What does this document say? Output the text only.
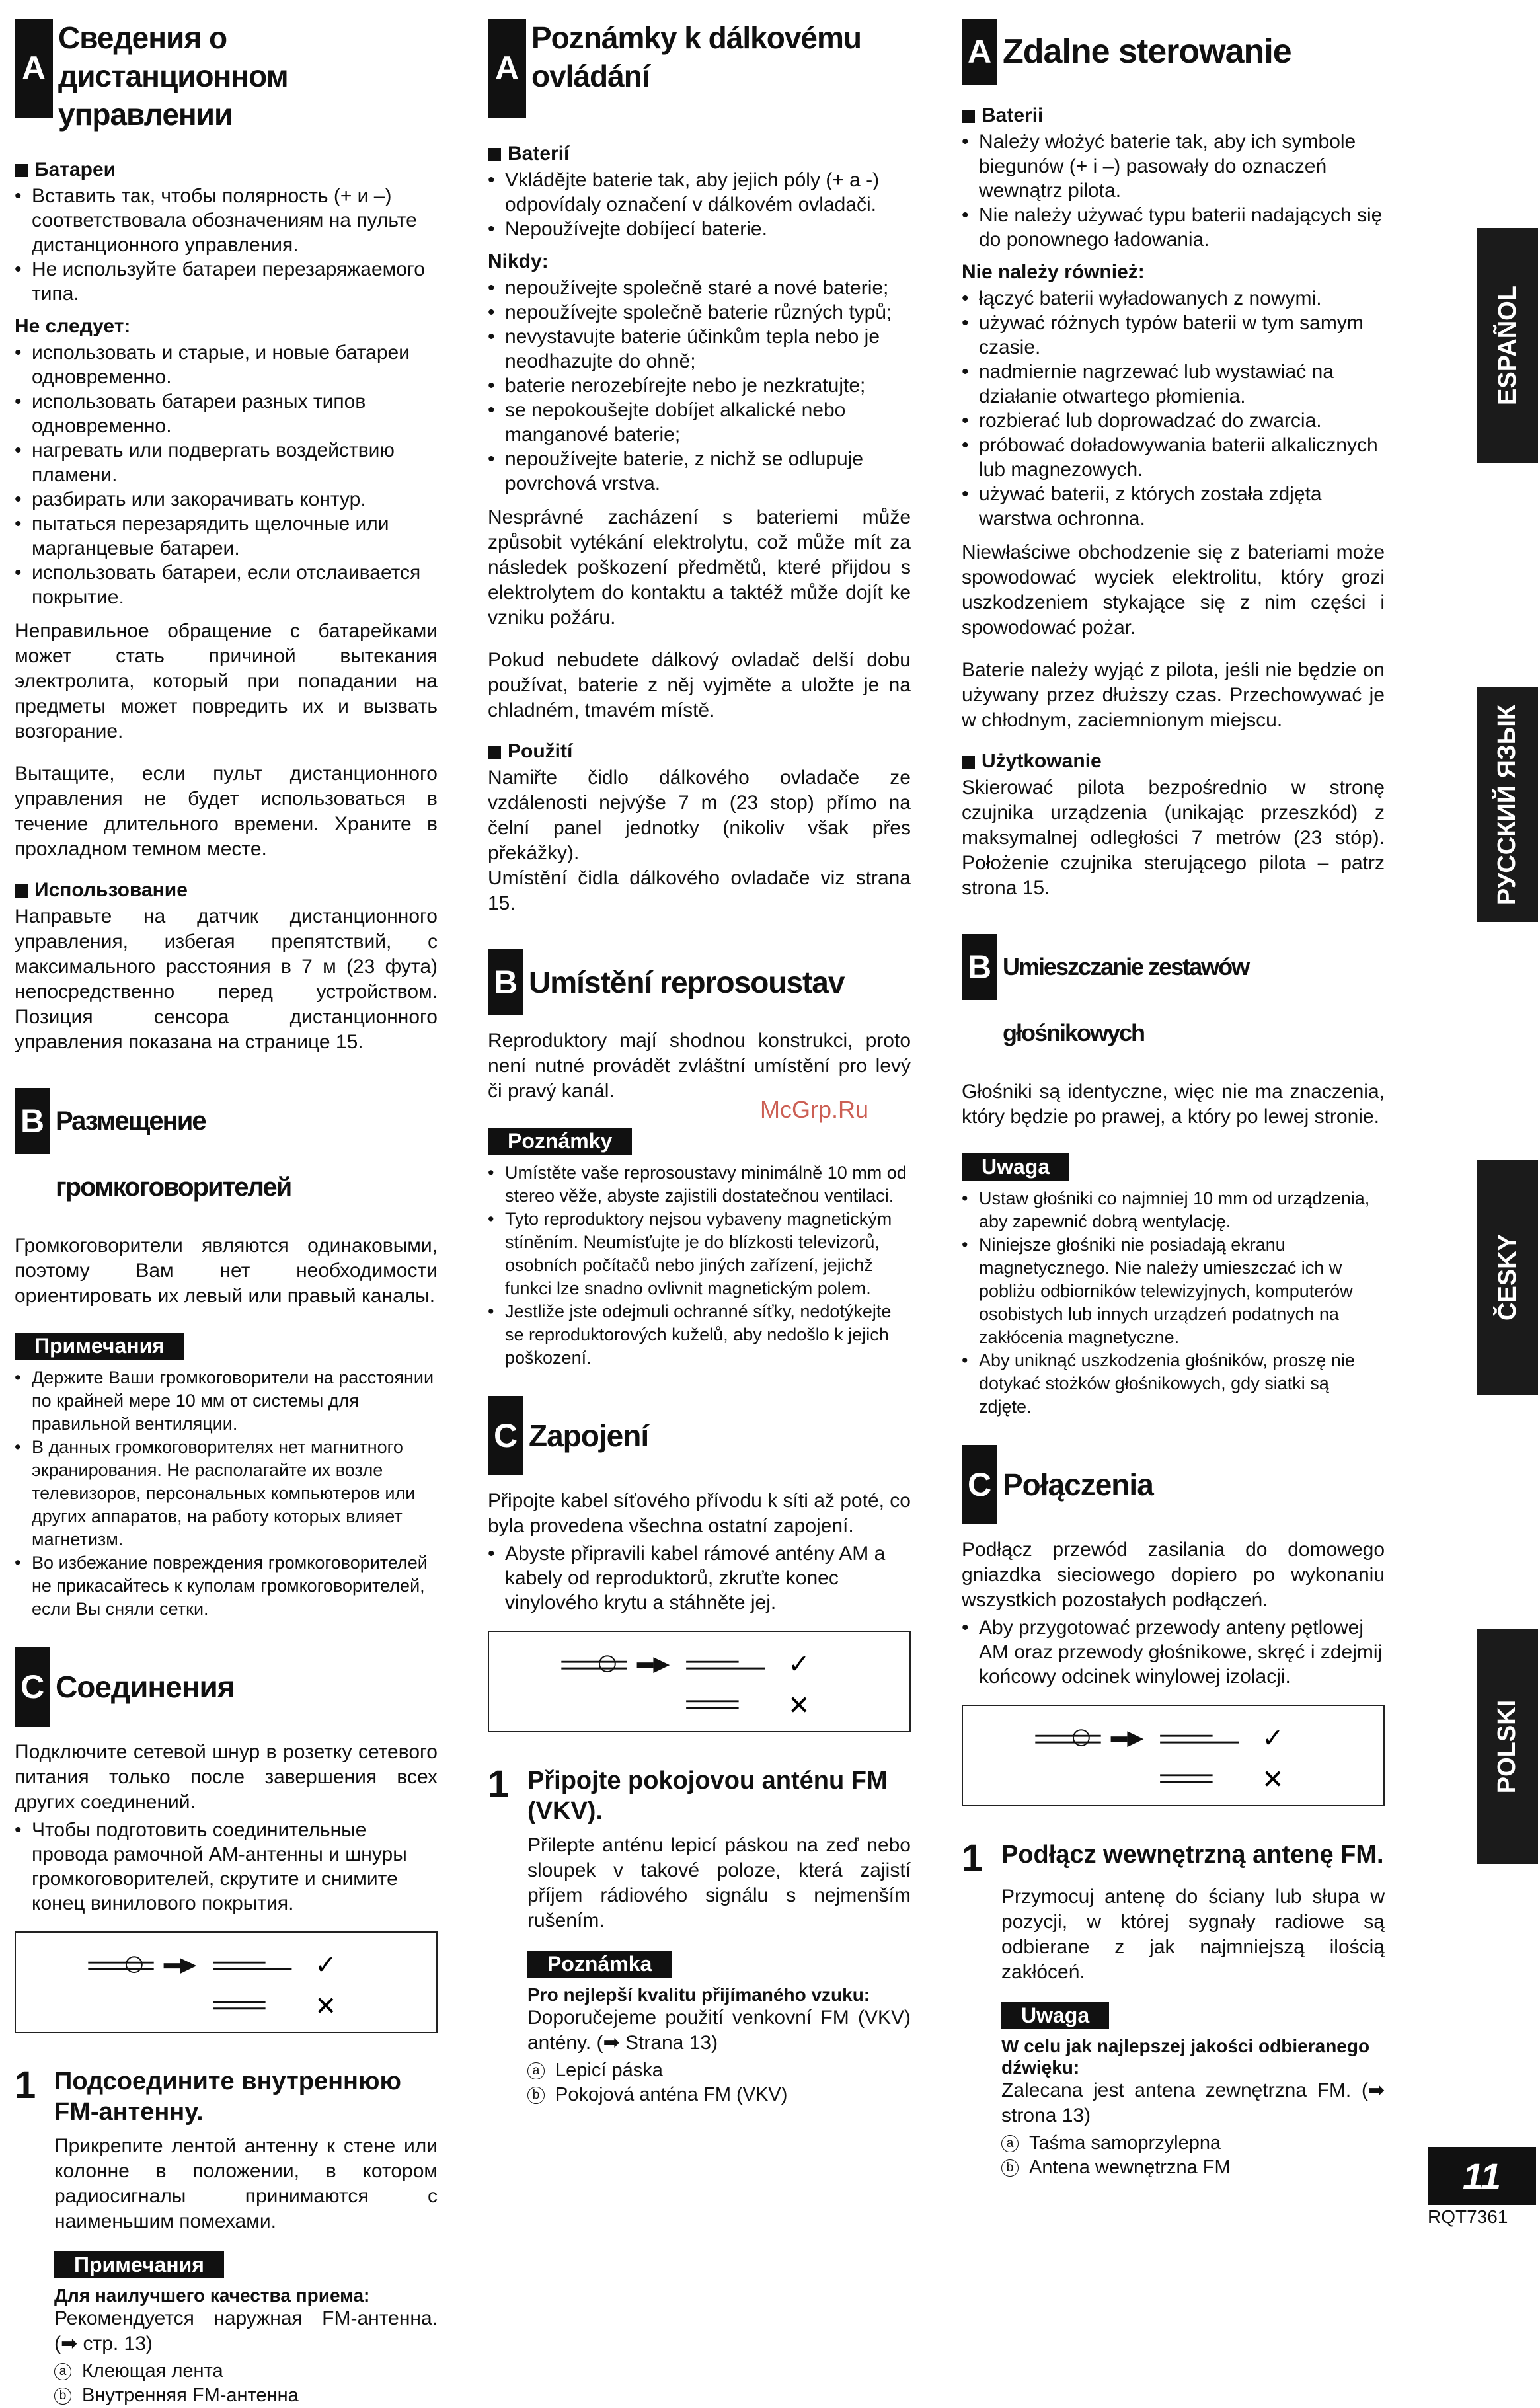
A
Сведения о дистанционном управлении
Батареи
• Вставить так, чтобы полярность (+ и –) соответствовала обозначениям на пульте дистанционного управления.
• Не используйте батареи перезаряжаемого типа.
Не следует:
• использовать и старые, и новые батареи одновременно.
• использовать батареи разных типов одновременно.
• нагревать или подвергать воздействию пламени.
• разбирать или закорачивать контур.
• пытаться перезарядить щелочные или марганцевые батареи.
• использовать батареи, если отслаивается покрытие.

Неправильное обращение с батарейками может стать причиной вытекания электролита, который при попадании на предметы может повредить их и вызвать возгорание.

Вытащите, если пульт дистанционного управления не будет использоваться в течение длительного времени. Храните в прохладном темном месте.

Использование

Направьте на датчик дистанционного управления, избегая препятствий, с максимального расстояния в 7 м (23 фута) непосредственно перед устройством. Позиция сенсора дистанционного управления показана на странице 15.

B Размещение громкоговорителей

Громкоговорители являются одинаковыми, поэтому Вам нет необходимости ориентировать их левый или правый каналы.

Примечания
• Держите Ваши громкоговорители на расстоянии по крайней мере 10 мм от системы для правильной вентиляции.
• В данных громкоговорителях нет магнитного экранирования. Не располагайте их возле телевизоров, персональных компьютеров или других аппаратов, на работу которых влияет магнетизм.
• Во избежание повреждения громкоговорителей не прикасайтесь к куполам громкоговорителей, если Вы сняли сетки.
C Соединения

Подключите сетевой шнур в розетку сетевого питания только после завершения всех других соединений.

• Чтобы подготовить соединительные провода рамочной AM-антенны и шнуры громкоговорителей, скрутите и снимите конец винилового покрытия.
✓
✕
1 Подсоедините внутреннюю FM-антенну.

Прикрепите лентой антенну к стене или колонне в положении, в котором радиосигналы принимаются с наименьшим помехами.

Примечания
Для наилучшего качества приема:

Рекомендуется наружная FM-антенна. (➡ стр. 13)

a Клеющая лента
b Внутренняя FM-антенна
A
Poznámky k dálkovému ovládání
Baterií
• Vkládějte baterie tak, aby jejich póly (+ a -) odpovídaly označení v dálkovém ovladači.
• Nepoužívejte dobíjecí baterie.
Nikdy:
• nepoužívejte společně staré a nové baterie;
• nepoužívejte společně baterie různých typů;
• nevystavujte baterie účinkům tepla nebo je neodhazujte do ohně;
• baterie nerozebírejte nebo je nezkratujte;
• se nepokoušejte dobíjet alkalické nebo manganové baterie;
• nepoužívejte baterie, z nichž se odlupuje povrchová vrstva.

Nesprávné zacházení s bateriemi může způsobit vytékání elektrolytu, což může mít za následek poškození předmětů, které přijdou s elektrolytem do kontaktu a taktéž může dojít ke vzniku požáru.

Pokud nebudete dálkový ovladač delší dobu používat, baterie z něj vyjměte a uložte je na chladném, tmavém místě.

Použití

Namiřte čidlo dálkového ovladače ze vzdálenosti nejvýše 7 m (23 stop) přímo na čelní panel jednotky (nikoliv však přes překážky).

Umístění čidla dálkového ovladače viz strana 15.

B Umístění reprosoustav

Reproduktory mají shodnou konstrukci, proto není nutné provádět zvláštní umístění pro levý či pravý kanál.

Poznámky
• Umístěte vaše reprosoustavy minimálně 10 mm od stereo věže, abyste zajistili dostatečnou ventilaci.
• Tyto reproduktory nejsou vybaveny magnetickým stíněním. Neumísťujte je do blízkosti televizorů, osobních počítačů nebo jiných zařízení, jejichž funkci lze snadno ovlivnit magnetickým polem.
• Jestliže jste odejmuli ochranné síťky, nedotýkejte se reproduktorových kuželů, aby nedošlo k jejich poškození.
C Zapojení

Připojte kabel síťového přívodu k síti až poté, co byla provedena všechna ostatní zapojení.

• Abyste připravili kabel rámové antény AM a kabely od reproduktorů, zkruťte konec vinylového krytu a stáhněte jej.
✓
✕
1 Připojte pokojovou anténu FM (VKV).

Přilepte anténu lepicí páskou na zeď nebo sloupek v takové poloze, která zajistí příjem rádiového signálu s nejmenším rušením.

Poznámka
Pro nejlepší kvalitu přijímaného vzuku:

Doporučejeme použití venkovní FM (VKV) antény. (➡ Strana 13)

a Lepicí páska
b Pokojová anténa FM (VKV)
A Zdalne sterowanie
Baterii
• Należy włożyć baterie tak, aby ich symbole biegunów (+ i –) pasowały do oznaczeń wewnątrz pilota.
• Nie należy używać typu baterii nadających się do ponownego ładowania.
Nie należy również:
• łączyć baterii wyładowanych z nowymi.
• używać różnych typów baterii w tym samym czasie.
• nadmiernie nagrzewać lub wystawiać na działanie otwartego płomienia.
• rozbierać lub doprowadzać do zwarcia.
• próbować doładowywania baterii alkalicznych lub magnezowych.
• używać baterii, z których została zdjęta warstwa ochronna.

Niewłaściwe obchodzenie się z bateriami może spowodować wyciek elektrolitu, który grozi uszkodzeniem stykające się z nim części i spowodować pożar.

Baterie należy wyjąć z pilota, jeśli nie będzie on używany przez dłuższy czas. Przechowywać je w chłodnym, zaciemnionym miejscu.

Użytkowanie

Skierować pilota bezpośrednio w stronę czujnika urządzenia (unikając przeszkód) z maksymalnej odległości 7 metrów (23 stóp). Położenie czujnika sterującego pilota – patrz strona 15.

B Umieszczanie zestawów głośnikowych

Głośniki są identyczne, więc nie ma znaczenia, który będzie po prawej, a który po lewej stronie.

Uwaga
• Ustaw głośniki co najmniej 10 mm od urządzenia, aby zapewnić dobrą wentylację.
• Niniejsze głośniki nie posiadają ekranu magnetycznego. Nie należy umieszczać ich w pobliżu odbiorników telewizyjnych, komputerów osobistych lub innych urządzeń podatnych na zakłócenia magnetyczne.
• Aby uniknąć uszkodzenia głośników, proszę nie dotykać stożków głośnikowych, gdy siatki są zdjęte.
C Połączenia

Podłącz przewód zasilania do domowego gniazdka sieciowego dopiero po wykonaniu wszystkich pozostałych podłączeń.

• Aby przygotować przewody anteny pętlowej AM oraz przewody głośnikowe, skręć i zdejmij końcowy odcinek winylowej izolacji.
✓
✕
1 Podłącz wewnętrzną antenę FM.

Przymocuj antenę do ściany lub słupa w pozycji, w której sygnały radiowe są odbierane z jak najmniejszą ilością zakłóceń.

Uwaga
W celu jak najlepszej jakości odbieranego dźwięku:

Zalecana jest antena zewnętrzna FM. (➡ strona 13)

a Taśma samoprzylepna
b Antena wewnętrzna FM
ESPAÑOL
РУССКИЙ ЯЗЫК
ČESKY
POLSKI
McGrp.Ru
11
RQT7361
